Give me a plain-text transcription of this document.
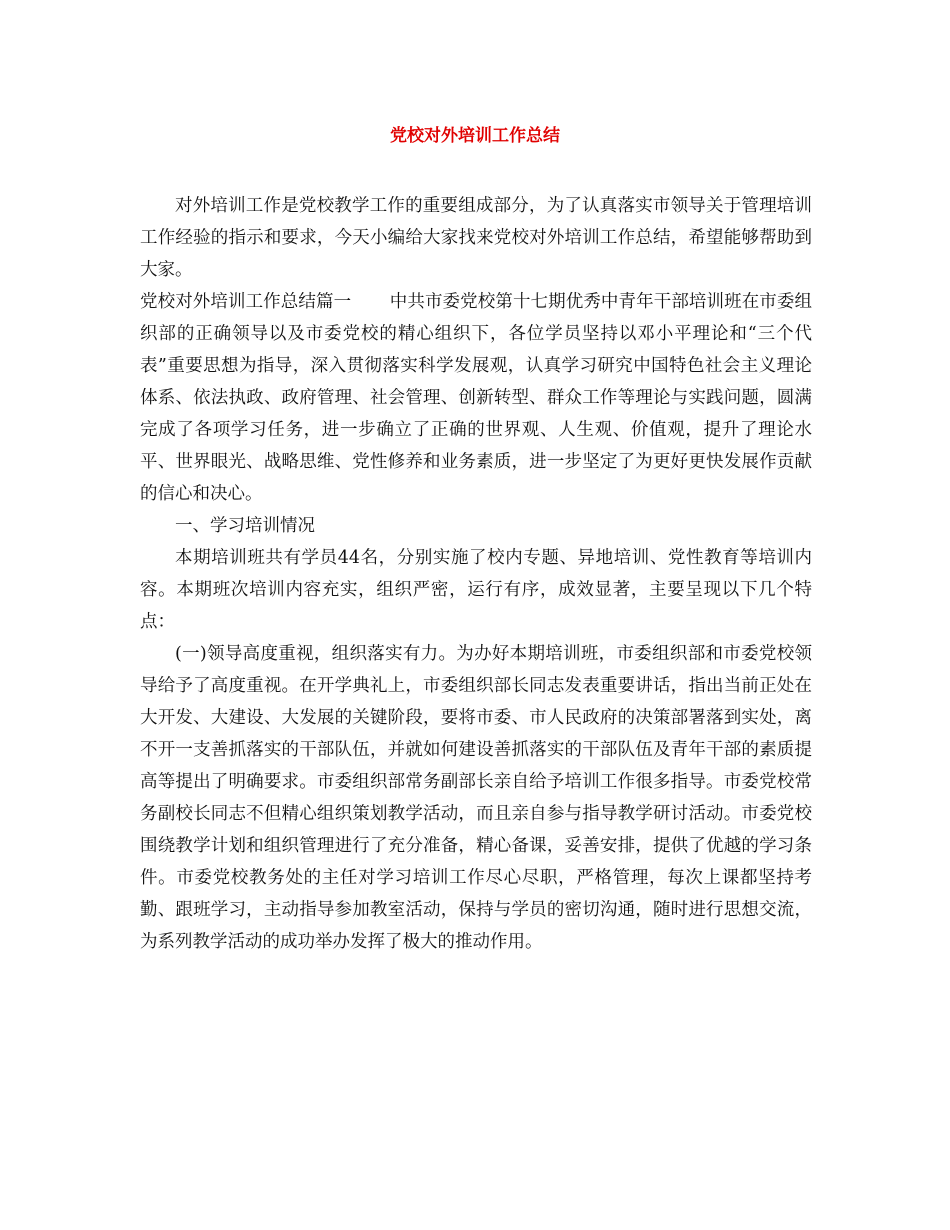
党校对外培训工作总结

对外培训工作是党校教学工作的重要组成部分，为了认真落实市领导关于管理培训工作经验的指示和要求，今天小编给大家找来党校对外培训工作总结，希望能够帮助到大家。

党校对外培训工作总结篇一 中共市委党校第十七期优秀中青年干部培训班在市委组织部的正确领导以及市委党校的精心组织下，各位学员坚持以邓小平理论和“三个代表”重要思想为指导，深入贯彻落实科学发展观，认真学习研究中国特色社会主义理论体系、依法执政、政府管理、社会管理、创新转型、群众工作等理论与实践问题，圆满完成了各项学习任务，进一步确立了正确的世界观、人生观、价值观，提升了理论水平、世界眼光、战略思维、党性修养和业务素质，进一步坚定了为更好更快发展作贡献的信心和决心。

一、学习培训情况

本期培训班共有学员44名，分别实施了校内专题、异地培训、党性教育等培训内容。本期班次培训内容充实，组织严密，运行有序，成效显著，主要呈现以下几个特点：

(一)领导高度重视，组织落实有力。为办好本期培训班，市委组织部和市委党校领导给予了高度重视。在开学典礼上，市委组织部长同志发表重要讲话，指出当前正处在大开发、大建设、大发展的关键阶段，要将市委、市人民政府的决策部署落到实处，离不开一支善抓落实的干部队伍，并就如何建设善抓落实的干部队伍及青年干部的素质提高等提出了明确要求。市委组织部常务副部长亲自给予培训工作很多指导。市委党校常务副校长同志不但精心组织策划教学活动，而且亲自参与指导教学研讨活动。市委党校围绕教学计划和组织管理进行了充分准备，精心备课，妥善安排，提供了优越的学习条件。市委党校教务处的主任对学习培训工作尽心尽职，严格管理，每次上课都坚持考勤、跟班学习，主动指导参加教室活动，保持与学员的密切沟通，随时进行思想交流，为系列教学活动的成功举办发挥了极大的推动作用。
